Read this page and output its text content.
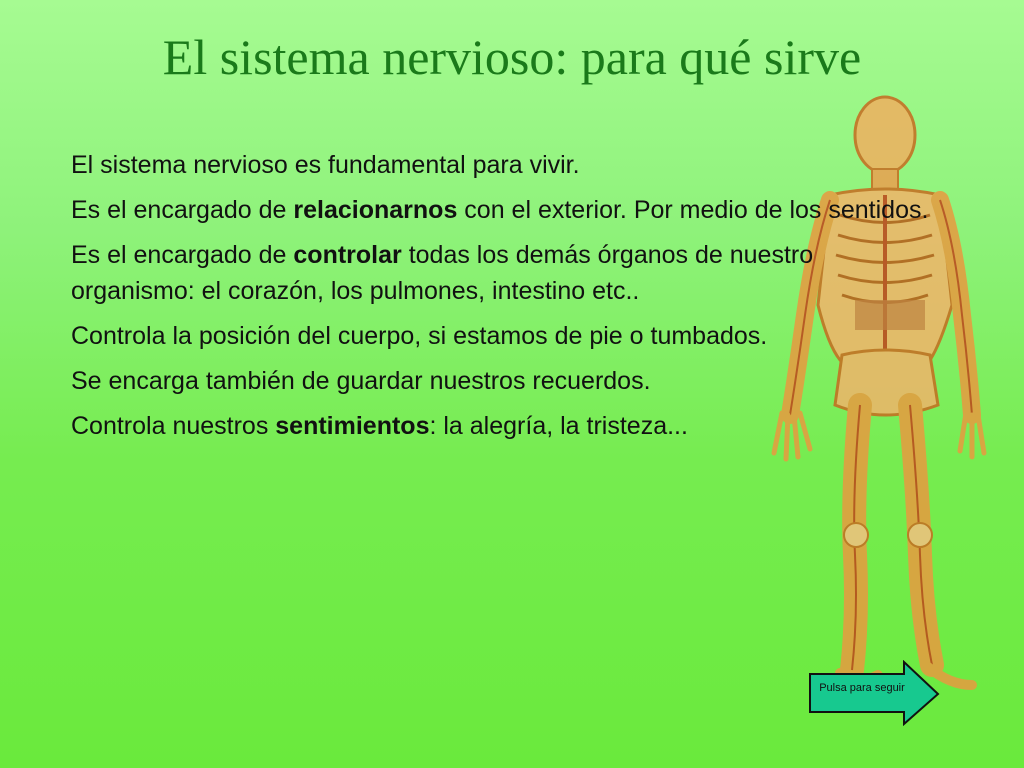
El sistema nervioso: para qué sirve

El sistema nervioso es fundamental para vivir.

Es el encargado de relacionarnos con el exterior. Por medio de los sentidos.

Es el encargado de controlar todas los demás órganos de nuestro organismo: el corazón, los pulmones, intestino etc..

Controla la posición del cuerpo, si estamos de pie o tumbados.

Se encarga también de guardar nuestros recuerdos.

Controla nuestros sentimientos: la alegría, la tristeza...

Pulsa para seguir
